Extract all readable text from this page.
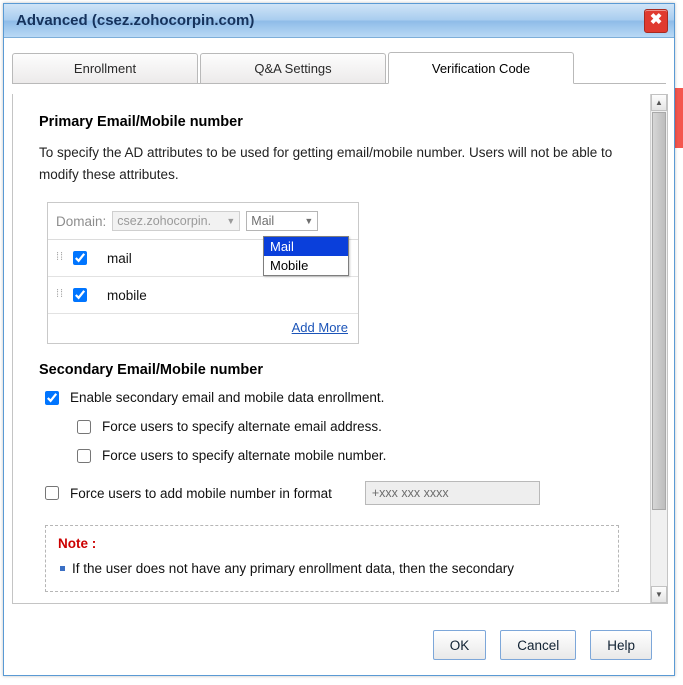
Advanced (csez.zohocorpin.com)	✖
Enrollment	Q&A Settings	Verification Code
Primary Email/Mobile number

To specify the AD attributes to be used for getting email/mobile number. Users will not be able to modify these attributes.

Domain: csez.zohocorpin. ▼ Mail	▼
Mail
Mobile
⁞⁞	mail
⁞⁞	mobile
Add More
Secondary Email/Mobile number
Enable secondary email and mobile data enrollment.
Force users to specify alternate email address.
Force users to specify alternate mobile number.
Force users to add mobile number in format
+xxx xxx xxxx
Note :
If the user does not have any primary enrollment data, then the secondary
▲
▼
OK	Cancel	Help
